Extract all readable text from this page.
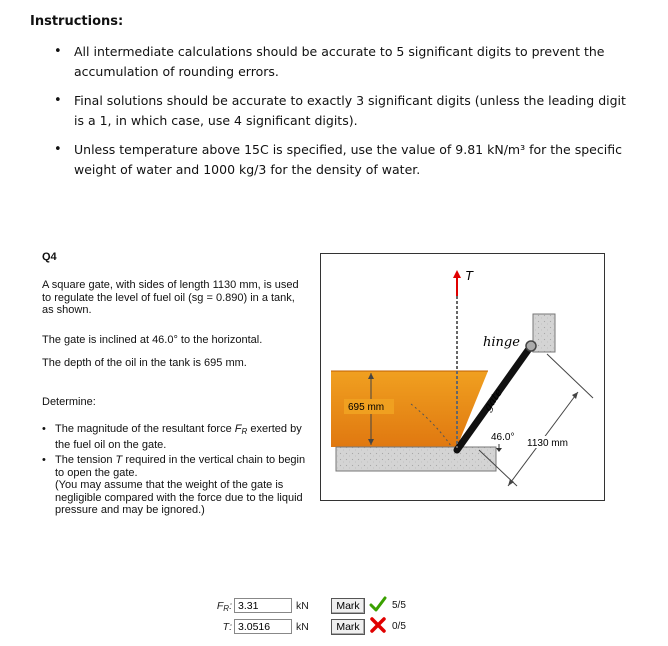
Instructions:
• All intermediate calculations should be accurate to 5 significant digits to prevent the accumulation of rounding errors.
• Final solutions should be accurate to exactly 3 significant digits (unless the leading digit is a 1, in which case, use 4 significant digits).
• Unless temperature above 15C is specified, use the value of 9.81 kN/m³ for the specific weight of water and 1000 kg/3 for the density of water.
Q4

A square gate, with sides of length 1130 mm, is used to regulate the level of fuel oil (sg = 0.890) in a tank, as shown.

The gate is inclined at 46.0° to the horizontal.

The depth of the oil in the tank is 695 mm.

Determine:

• The magnitude of the resultant force $F_R$ exerted by the fuel oil on the gate.
• The tension T required in the vertical chain to begin to open the gate.
(You may assume that the weight of the gate is negligible compared with the force due to the liquid pressure and may be ignored.)
T
695 mm
hinge
gate
46.0°
1130 mm
$F_R$:
3.31	kN	Mark	5/5
T:
3.0516	kN	Mark	0/5
